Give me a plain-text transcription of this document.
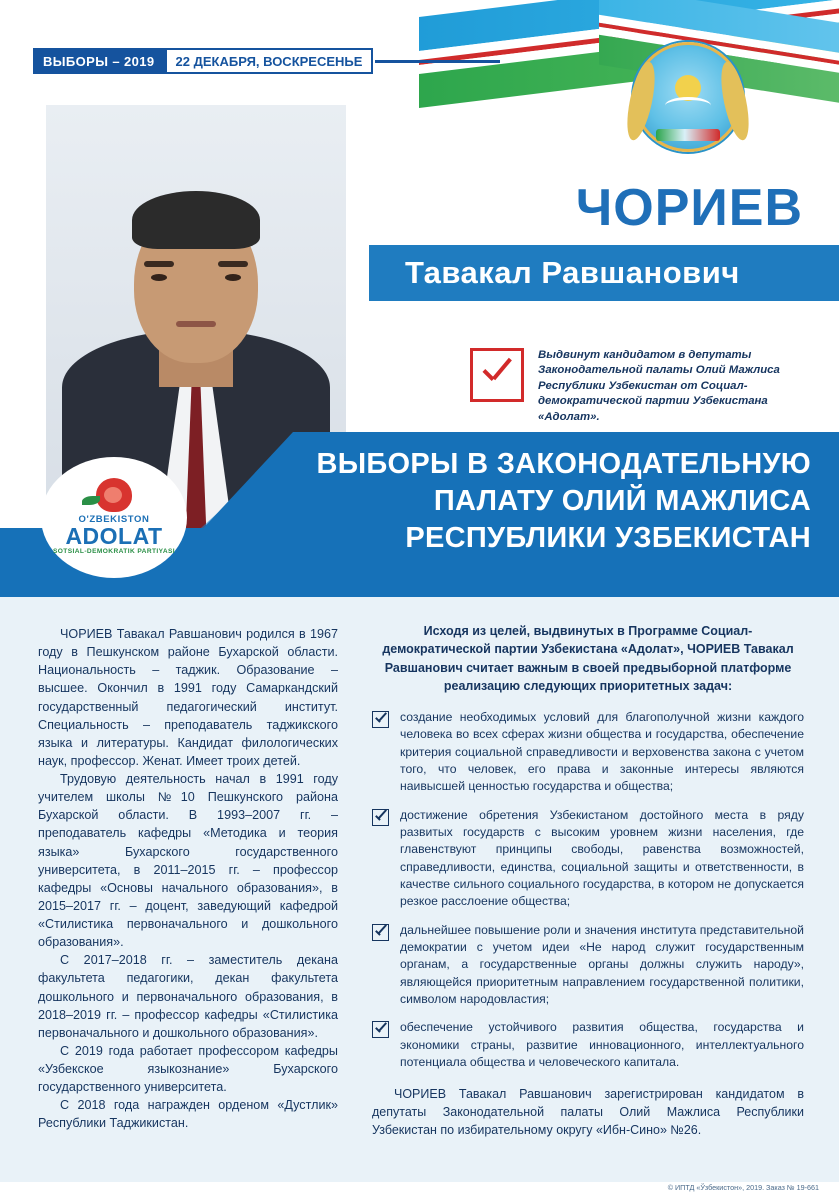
ВЫБОРЫ – 2019	22 ДЕКАБРЯ, ВОСКРЕСЕНЬЕ
ЧОРИЕВ
Тавакал Равшанович

Выдвинут кандидатом в депутаты Законодательной палаты Олий Мажлиса Республики Узбекистан от Социал-демократической партии Узбекистана «Адолат».

ВЫБОРЫ В ЗАКОНОДАТЕЛЬНУЮ
ПАЛАТУ ОЛИЙ МАЖЛИСА
РЕСПУБЛИКИ УЗБЕКИСТАН
O'ZBEKISTON
ADOLAT
SOTSIAL-DEMOKRATIK PARTIYASI

ЧОРИЕВ Тавакал Равшанович родился в 1967 году в Пешкунском районе Бухарской области. Национальность – таджик. Образование – высшее. Окончил в 1991 году Самаркандский государственный педагогический институт. Специальность – преподаватель таджикского языка и литературы. Кандидат филологических наук, профессор. Женат. Имеет троих детей.

Трудовую деятельность начал в 1991 году учителем школы №10 Пешкунского района Бухарской области. В 1993–2007 гг. – преподаватель кафедры «Методика и теория языка» Бухарского государственного университета, в 2011–2015 гг. – профессор кафедры «Основы начального образования», в 2015–2017 гг. – доцент, заведующий кафедрой «Стилистика первоначального и дошкольного образования».

С 2017–2018 гг. – заместитель декана факультета педагогики, декан факультета дошкольного и первоначального образования, в 2018–2019 гг. – профессор кафедры «Стилистика первоначального и дошкольного образования».

С 2019 года работает профессором кафедры «Узбекское языкознание» Бухарского государственного университета.

С 2018 года награжден орденом «Дустлик» Республики Таджикистан.

Исходя из целей, выдвинутых в Программе Социал-демократической партии Узбекистана «Адолат», ЧОРИЕВ Тавакал Равшанович считает важным в своей предвыборной платформе реализацию следующих приоритетных задач:

создание необходимых условий для благополучной жизни каждого человека во всех сферах жизни общества и государства, обеспечение критерия социальной справедливости и верховенства закона с учетом того, что человек, его права и законные интересы являются наивысшей ценностью государства и общества;

достижение обретения Узбекистаном достойного места в ряду развитых государств с высоким уровнем жизни населения, где главенствуют принципы свободы, равенства возможностей, справедливости, единства, социальной защиты и ответственности, в качестве сильного социального государства, в котором не допускается резкое расслоение общества;

дальнейшее повышение роли и значения института представительной демократии с учетом идеи «Не народ служит государственным органам, а государственные органы должны служить народу», являющейся приоритетным направлением государственной политики, символом народовластия;

обеспечение устойчивого развития общества, государства и экономики страны, развитие инновационного, интеллектуального потенциала общества и человеческого капитала.

ЧОРИЕВ Тавакал Равшанович зарегистрирован кандидатом в депутаты Законодательной палаты Олий Мажлиса Республики Узбекистан по избирательному округу «Ибн-Сино» №26.

© ИПТД «Ўзбекистон», 2019. Заказ № 19-661
